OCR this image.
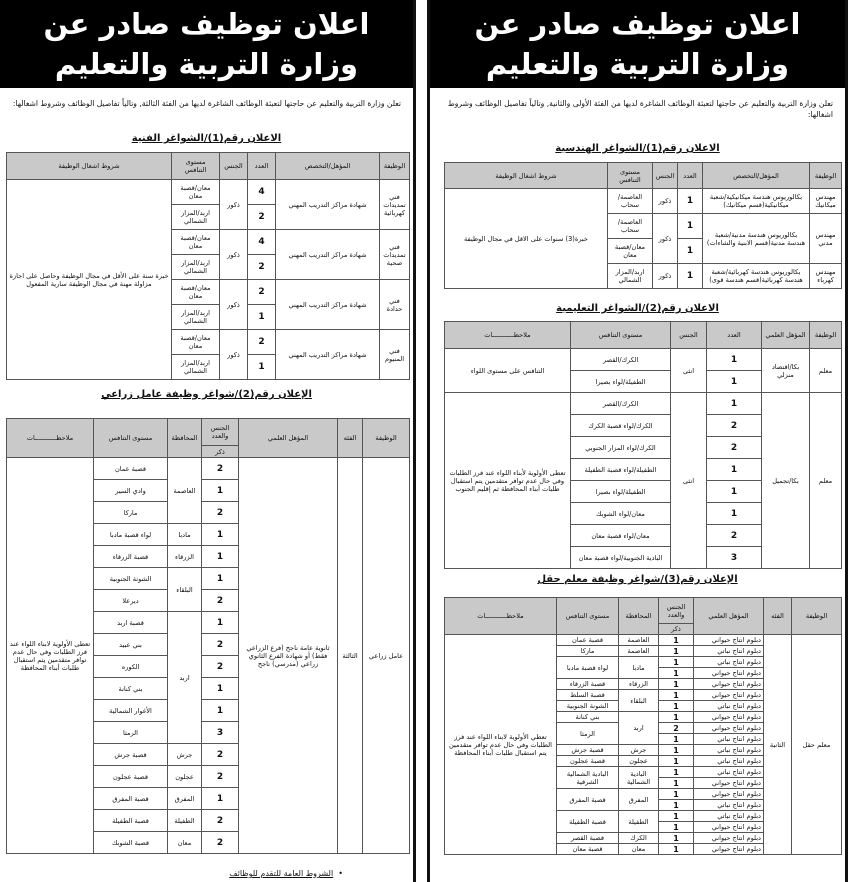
اعلان توظيف صادر عن
وزارة التربية والتعليم
تعلن وزارة التربية والتعليم عن حاجتها لتعبئة الوظائف الشاغرة لديها من الفئة الثالثة, وتالياً تفاصيل الوظائف وشروط اشغالها:
الاعلان رقم(1)/الشواغر الفنية
الوظيفة	المؤهل/التخصص	العدد	الجنس	مستوى التنافس	شروط اشغال الوظيفة
فني تمديدات كهربائية	شهادة مراكز التدريب المهني	4	ذكور	معان/قصبة معان	خبرة سنة على الأقل في مجال الوظيفة وحاصل على اجازة مزاولة مهنة في مجال الوظيفة سارية المفعول
		2		اربد/المزار الشمالي	
فني تمديدات صحية	شهادة مراكز التدريب المهني	4	ذكور	معان/قصبة معان	
		2		اربد/المزار الشمالي	
فني حدادة	شهادة مراكز التدريب المهني	2	ذكور	معان/قصبة معان	
		1		اربد/المزار الشمالي	
فني المنيوم	شهادة مراكز التدريب المهني	2	ذكور	معان/قصبة معان	
		1		اربد/المزار الشمالي	
الإعلان رقم(2)/شواغر وظيفة عامل زراعي
الوظيفة	الفئه	المؤهل العلمي	الجنس والعدد	المحافظة	مستوى التنافس	ملاحظـــــــــــات
			ذكر			
عامل زراعي	الثالثة	ثانوية عامة ناجح (فرع الزراعي فقط) أو شهادة الفرع الثانوي زراعي (مدرسي) ناجح	2	العاصمة	قصبة عمان	تعطى الأولوية لابناء اللواء عند فرز الطلبات وفي حال عدم توافر متقدمين يتم استقبال طلبات أبناء المحافظة
			1		وادي السير	
			2		ماركا	
			1	مادبا	لواء قصبة مادبا	
			1	الزرقاء	قصبة الزرقاء	
			1	البلقاء	الشونة الجنوبية	
			2		ديرعلا	
			1	اربد	قصبة اربد	
			2		بني عبيد	
			2		الكوره	
			1		بني كنانة	
			1		الأغوار الشمالية	
			3		الرمثا	
			2	جرش	قصبة جرش	
			2	عجلون	قصبة عجلون	
			1	المفرق	قصبة المفرق	
			2	الطفيلة	قصبة الطفيلة	
			2	معان	قصبة الشوبك	
•  الشروط العامة للتقدم للوظائف
اعلان توظيف صادر عن
وزارة التربية والتعليم
تعلن وزارة التربية والتعليم عن حاجتها لتعبئة الوظائف الشاغرة لديها من الفئة الأولى والثانية, وتالياً تفاصيل الوظائف وشروط اشغالها:
الاعلان رقم(1)/الشواغر الهندسية
الوظيفة	المؤهل/التخصص	العدد	الجنس	مستوى التنافس	شروط اشغال الوظيفة
مهندس ميكانيك	بكالوريوس هندسة ميكانيكية/شعبة ميكانيكية(قسم ميكانيك)	1	ذكور	العاصمة/سحاب	خبرة(3) سنوات على الاقل في مجال الوظيفة
مهندس مدني	بكالوريوس هندسة مدنية/شعبة هندسة مدنية(قسم الابنية والشاءات)	1	ذكور	العاصمة/سحاب	
		1		معان/قصبة معان	
مهندس كهرباء	بكالوريوس هندسة كهربائية/شعبة هندسة كهربائية(قسم هندسة قوى)	1	ذكور	اربد/المزار الشمالي	
الاعلان رقم(2)/الشواغر التعليمية
الوظيفة	المؤهل العلمي	العدد	الجنس	مستوى التنافس	ملاحظـــــــــــات
معلم	بكا/اقتصاد منزلي	1	انثى	الكرك/القصر	التنافس على مستوى اللواء
		1		الطفيلة/لواء بصيرا	
معلم	بكا/تجميل	1	انثى	الكرك/القصر	تعطى الأولوية لأبناء اللواء عند فرز الطلبات وفي حال عدم توافر متقدمين يتم استقبال طلبات أبناء المحافظة ثم إقليم الجنوب
		2		الكرك/لواء قصبة الكرك	
		2		الكرك/لواء المزار الجنوبي	
		1		الطفيلة/لواء قصبة الطفيلة	
		1		الطفيلة/لواء بصيرا	
		1		معان/لواء الشوبك	
		2		معان/لواء قصبة معان	
		3		البادية الجنوبية/لواء قصبة معان	
الإعلان رقم(3)/شواغر وظيفة معلم حقل
الوظيفة	الفئه	المؤهل العلمي	الجنس والعدد	المحافظة	مستوى التنافس	ملاحظـــــــــــات
			ذكر			
معلم حقل	الثانية	دبلوم انتاج حيواني	1	العاصمة	قصبة عمان	تعطي الأولوية لابناء اللواء عند فرز الطلبات وفي حال عدم توافر متقدمين يتم استقبال طلبات أبناء المحافظة
		دبلوم انتاج نباتي	1	العاصمة	ماركا	
		دبلوم انتاج نباتي	1	مادبا	لواء قصبة مادبا	
		دبلوم انتاج حيواني	1			
		دبلوم انتاج حيواني	1	الزرقاء	قصبة الزرقاء	
		دبلوم انتاج حيواني	1	البلقاء	قصبة السلط	
		دبلوم انتاج نباتي	1		الشونة الجنوبية	
		دبلوم انتاج حيواني	1	اربد	بني كنانة	
		دبلوم انتاج حيواني	2		الرمثا	
		دبلوم انتاج نباتي	1			
		دبلوم انتاج نباتي	1	جرش	قصبة جرش	
		دبلوم انتاج نباتي	1	عجلون	قصبة عجلون	
		دبلوم انتاج نباتي	1	البادية الشمالية	البادية الشمالية الشرقية	
		دبلوم انتاج حيواني	1			
		دبلوم انتاج حيواني	1	المفرق	قصبة المفرق	
		دبلوم انتاج نباتي	1			
		دبلوم انتاج نباتي	1	الطفيلة	قصبة الطفيلة	
		دبلوم انتاج حيواني	1			
		دبلوم انتاج حيواني	1	الكرك	قصبة القصر	
		دبلوم انتاج حيواني	1	معان	قصبة معان	
